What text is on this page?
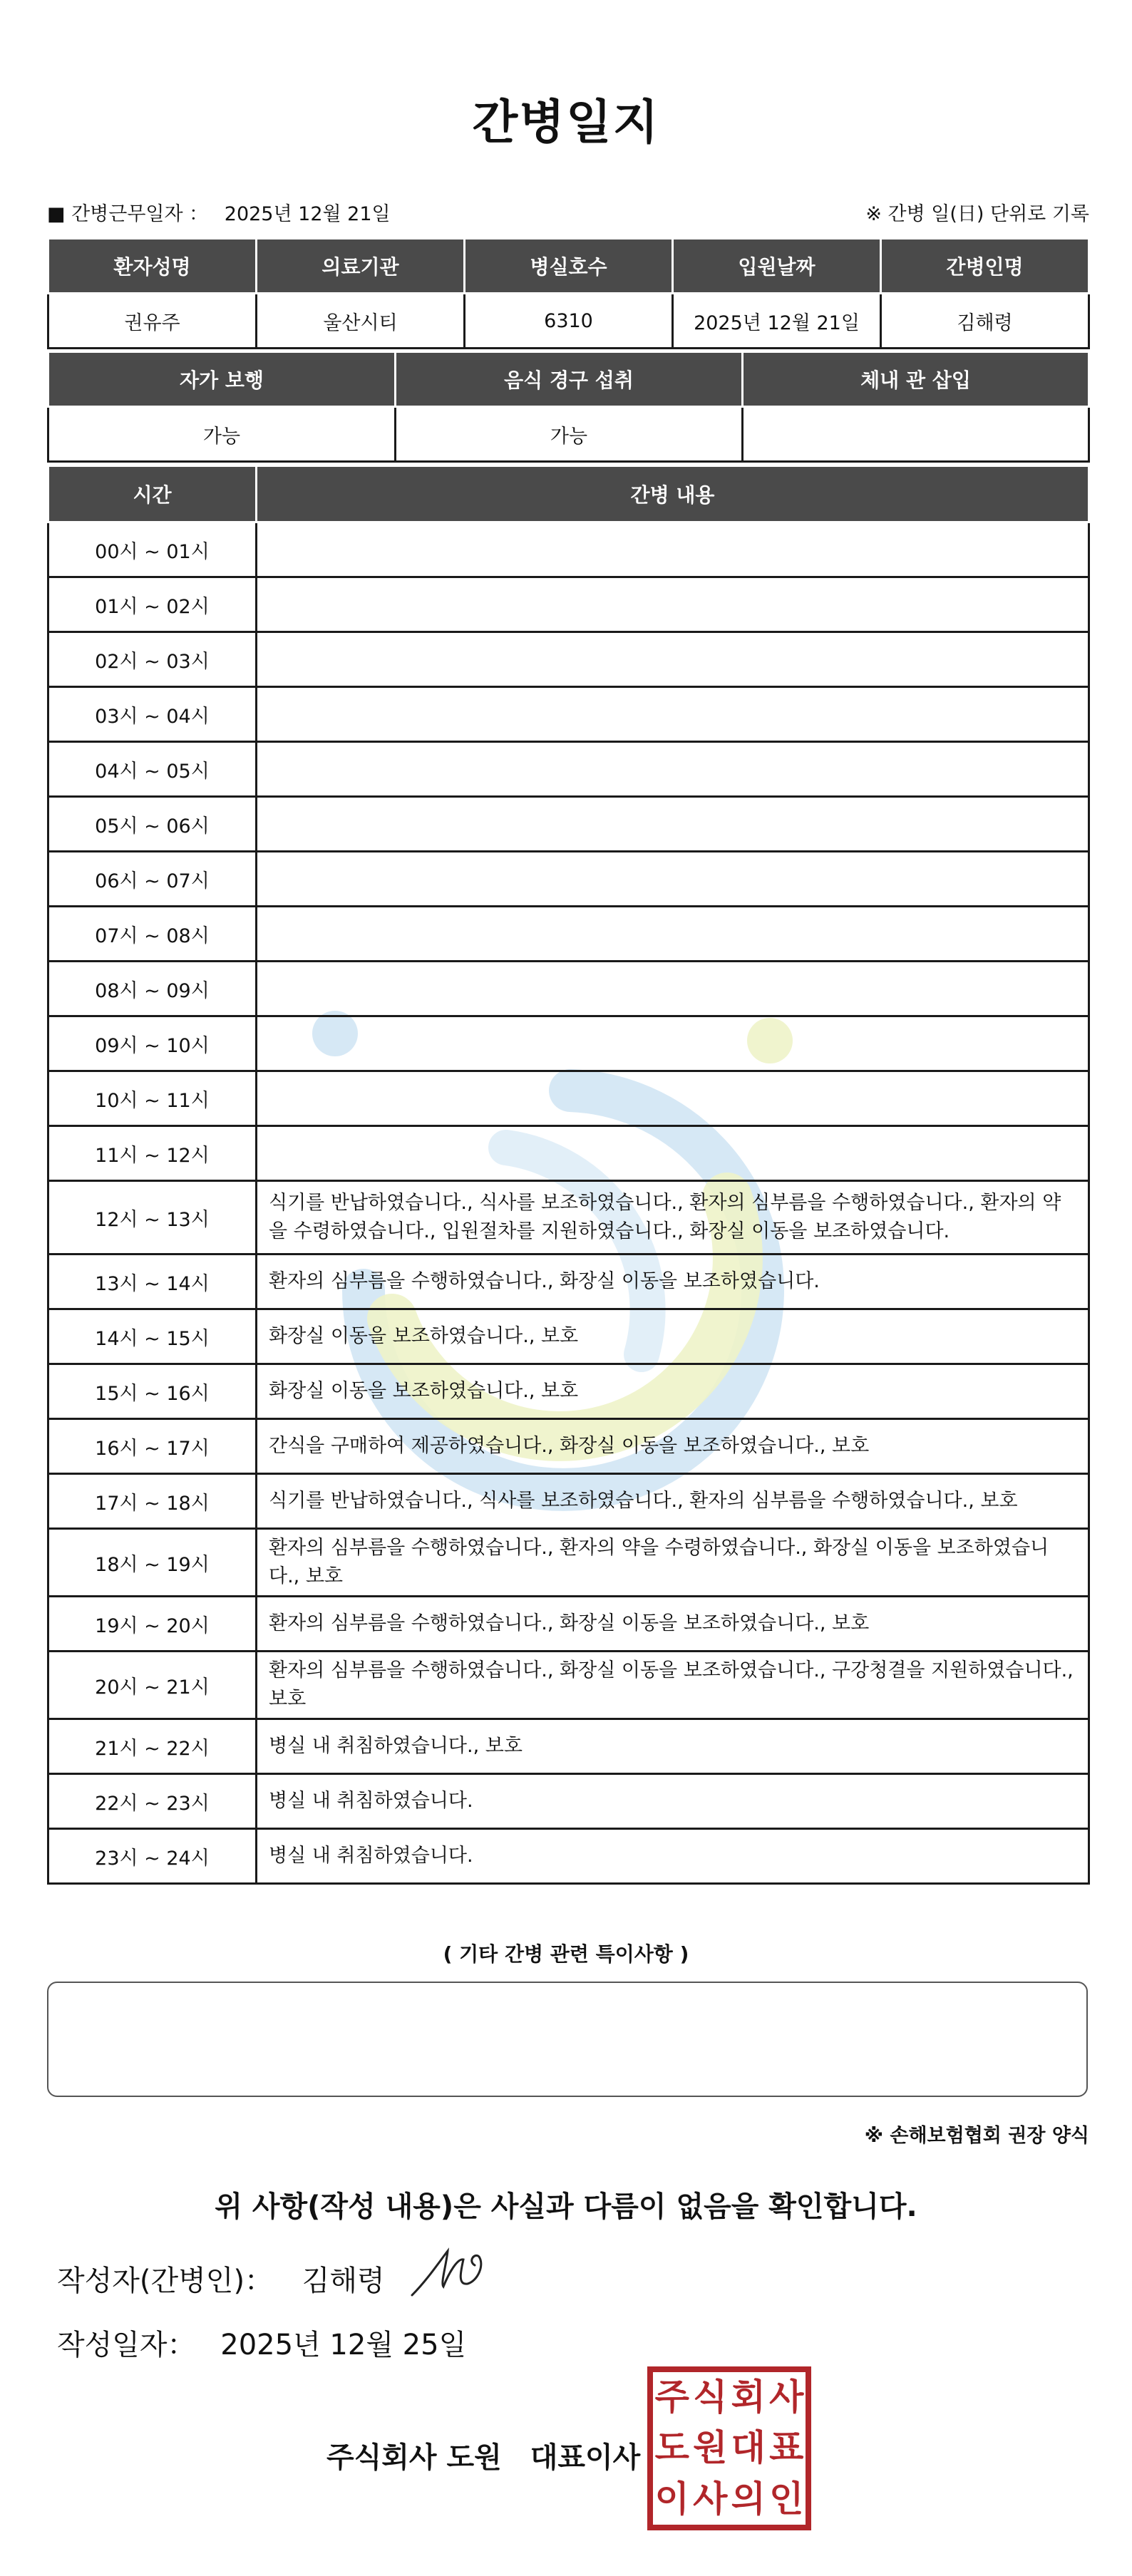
간병일지
■ 간병근무일자 ： 2025년 12월 21일	※ 간병 일(日) 단위로 기록
환자성명	의료기관	병실호수	입원날짜	간병인명
권유주	울산시티	6310	2025년 12월 21일	김해령
자가 보행	음식 경구 섭취	체내 관 삽입
가능	가능	
시간	간병 내용
00시 ~ 01시	
01시 ~ 02시	
02시 ~ 03시	
03시 ~ 04시	
04시 ~ 05시	
05시 ~ 06시	
06시 ~ 07시	
07시 ~ 08시	
08시 ~ 09시	
09시 ~ 10시	
10시 ~ 11시	
11시 ~ 12시	
12시 ~ 13시	식기를 반납하였습니다., 식사를 보조하였습니다., 환자의 심부름을 수행하였습니다., 환자의 약을 수령하였습니다., 입원절차를 지원하였습니다., 화장실 이동을 보조하였습니다.
13시 ~ 14시	환자의 심부름을 수행하였습니다., 화장실 이동을 보조하였습니다.
14시 ~ 15시	화장실 이동을 보조하였습니다., 보호
15시 ~ 16시	화장실 이동을 보조하였습니다., 보호
16시 ~ 17시	간식을 구매하여 제공하였습니다., 화장실 이동을 보조하였습니다., 보호
17시 ~ 18시	식기를 반납하였습니다., 식사를 보조하였습니다., 환자의 심부름을 수행하였습니다., 보호
18시 ~ 19시	환자의 심부름을 수행하였습니다., 환자의 약을 수령하였습니다., 화장실 이동을 보조하였습니다., 보호
19시 ~ 20시	환자의 심부름을 수행하였습니다., 화장실 이동을 보조하였습니다., 보호
20시 ~ 21시	환자의 심부름을 수행하였습니다., 화장실 이동을 보조하였습니다., 구강청결을 지원하였습니다., 보호
21시 ~ 22시	병실 내 취침하였습니다., 보호
22시 ~ 23시	병실 내 취침하였습니다.
23시 ~ 24시	병실 내 취침하였습니다.
( 기타 간병 관련 특이사항 )
※ 손해보험협회 권장 양식
위 사항(작성 내용)은 사실과 다름이 없음을 확인합니다.
작성자(간병인)： 김해령
작성일자： 2025년 12월 25일
주식회사 도원 대표이사
주 식 회 사
도 원 대 표
이 사 의 인
